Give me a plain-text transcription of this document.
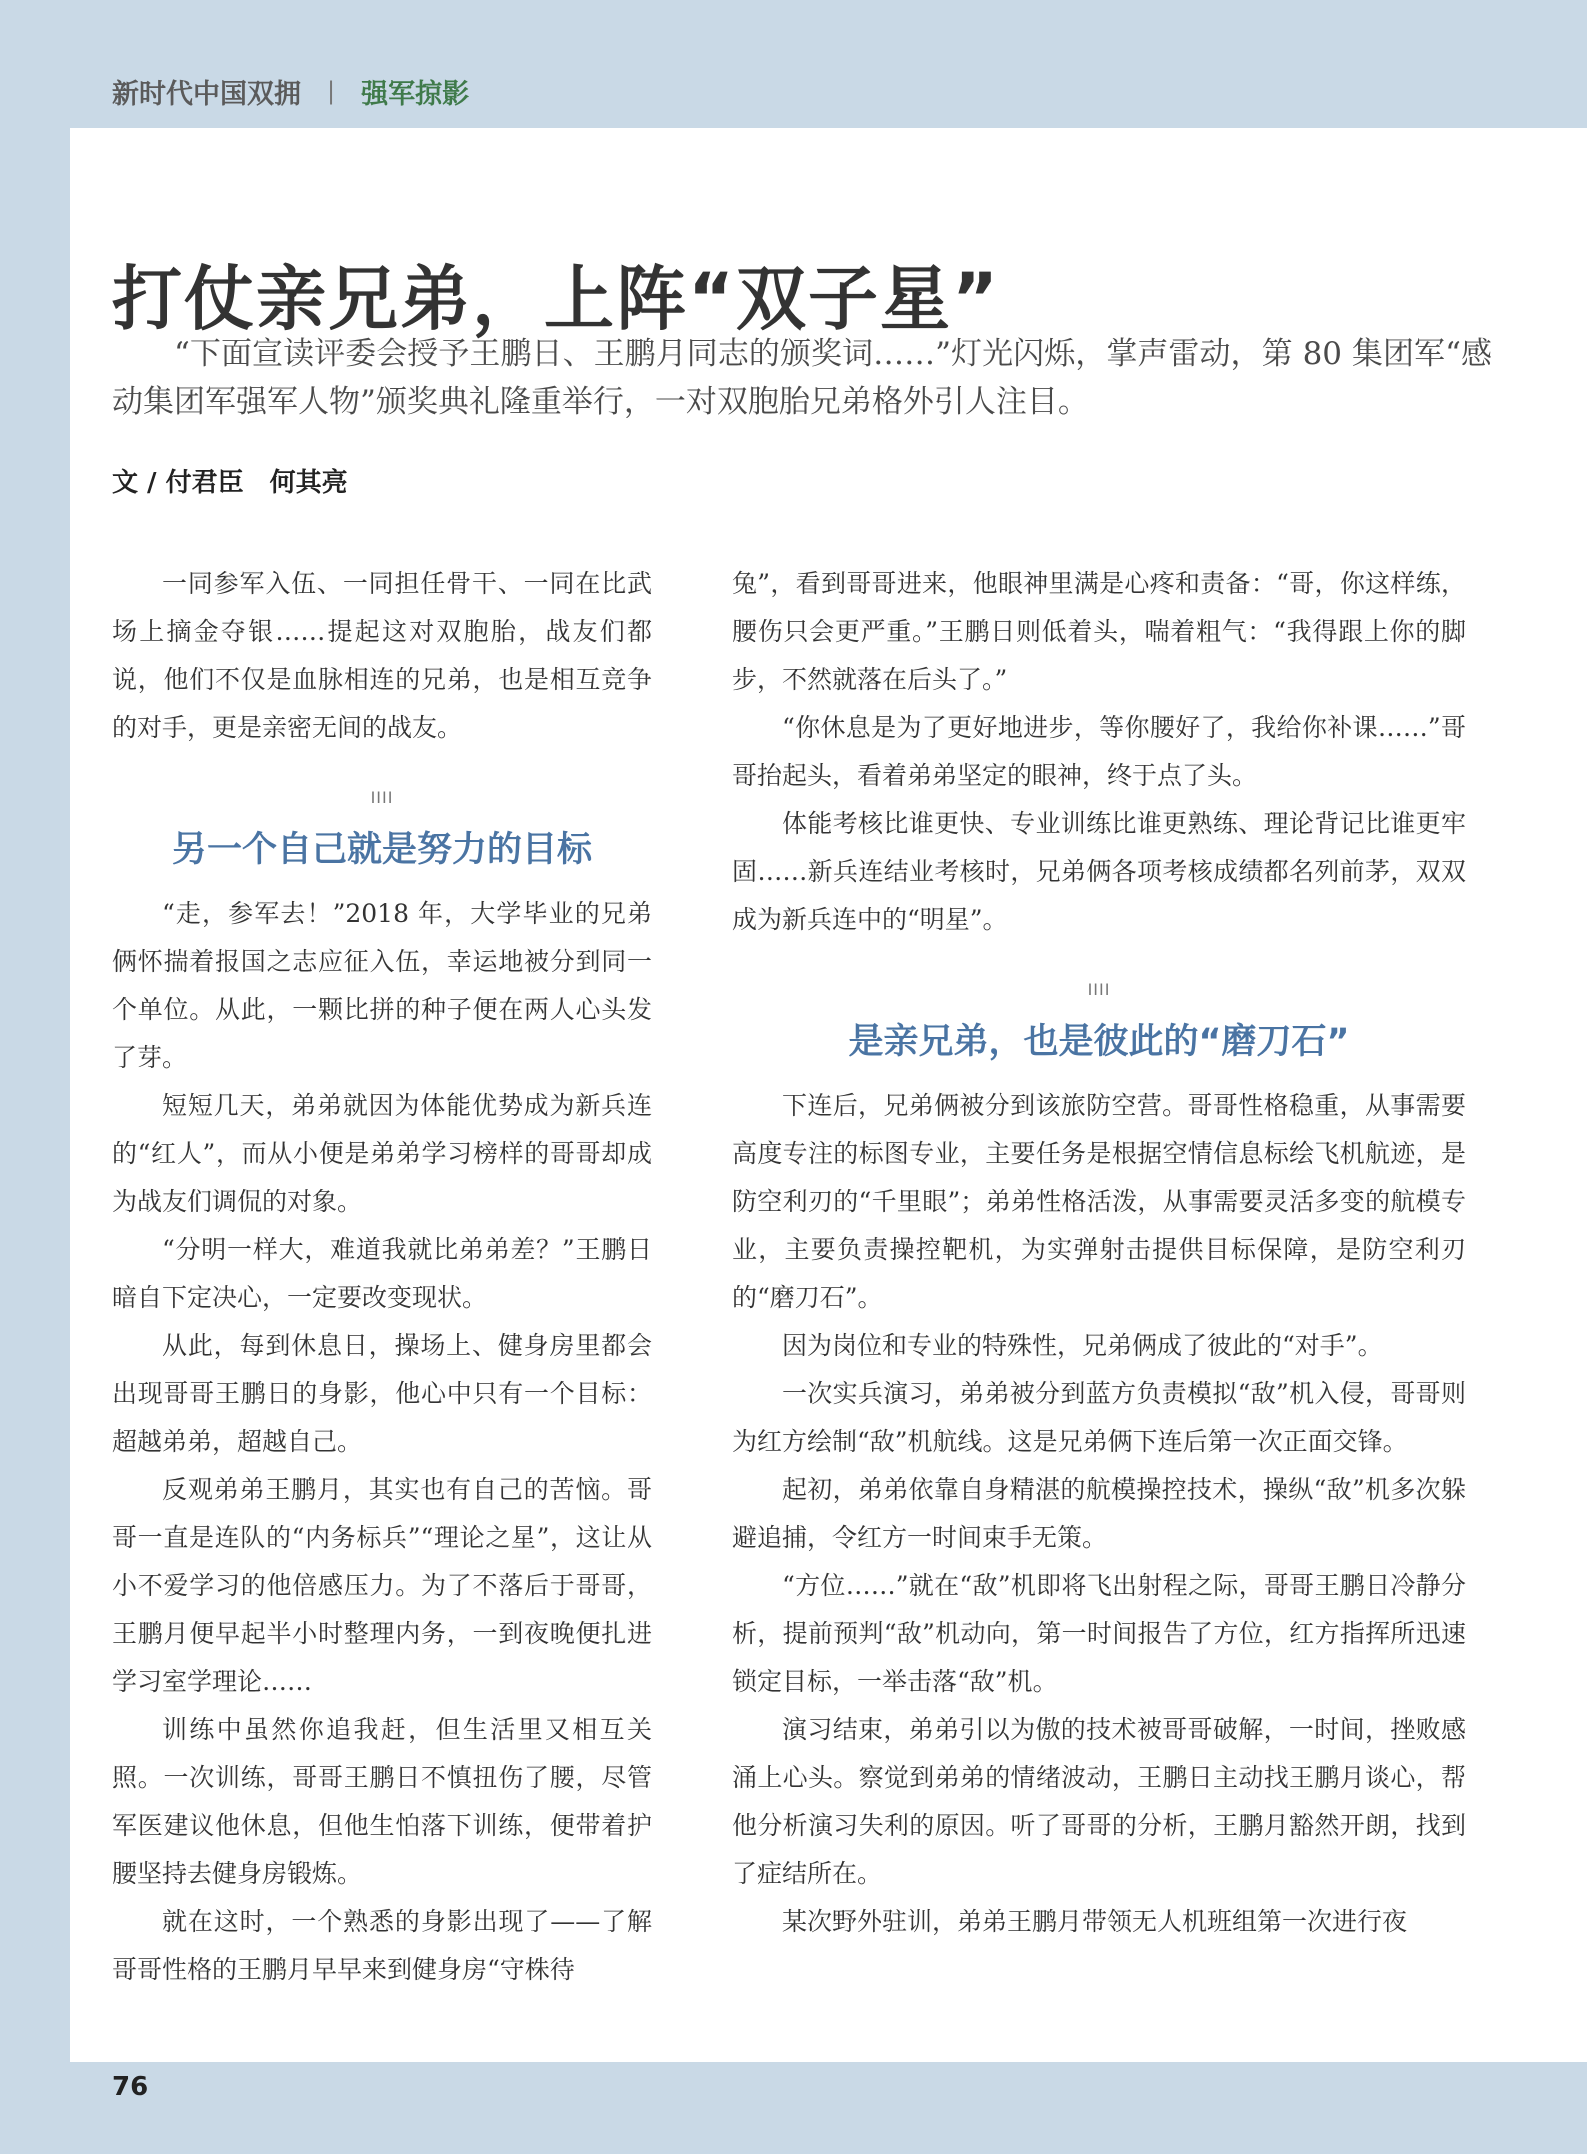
新时代中国双拥 | 强军掠影
打仗亲兄弟，上阵“双子星”
“下面宣读评委会授予王鹏日、王鹏月同志的颁奖词……”灯光闪烁，掌声雷动，第 80 集团军“感动集团军强军人物”颁奖典礼隆重举行，一对双胞胎兄弟格外引人注目。
文 / 付君臣　何其亮

一同参军入伍、一同担任骨干、一同在比武场上摘金夺银……提起这对双胞胎，战友们都说，他们不仅是血脉相连的兄弟，也是相互竞争的对手，更是亲密无间的战友。

IIII
另一个自己就是努力的目标

“走，参军去！”2018 年，大学毕业的兄弟俩怀揣着报国之志应征入伍，幸运地被分到同一个单位。从此，一颗比拼的种子便在两人心头发了芽。

短短几天，弟弟就因为体能优势成为新兵连的“红人”，而从小便是弟弟学习榜样的哥哥却成为战友们调侃的对象。

“分明一样大，难道我就比弟弟差？”王鹏日暗自下定决心，一定要改变现状。

从此，每到休息日，操场上、健身房里都会出现哥哥王鹏日的身影，他心中只有一个目标：超越弟弟，超越自己。

反观弟弟王鹏月，其实也有自己的苦恼。哥哥一直是连队的“内务标兵”“理论之星”，这让从小不爱学习的他倍感压力。为了不落后于哥哥，王鹏月便早起半小时整理内务，一到夜晚便扎进学习室学理论……

训练中虽然你追我赶，但生活里又相互关照。一次训练，哥哥王鹏日不慎扭伤了腰，尽管军医建议他休息，但他生怕落下训练，便带着护腰坚持去健身房锻炼。

就在这时，一个熟悉的身影出现了——了解哥哥性格的王鹏月早早来到健身房“守株待

兔”，看到哥哥进来，他眼神里满是心疼和责备：“哥，你这样练，腰伤只会更严重。”王鹏日则低着头，喘着粗气：“我得跟上你的脚步，不然就落在后头了。”

“你休息是为了更好地进步，等你腰好了，我给你补课……”哥哥抬起头，看着弟弟坚定的眼神，终于点了头。

体能考核比谁更快、专业训练比谁更熟练、理论背记比谁更牢固……新兵连结业考核时，兄弟俩各项考核成绩都名列前茅，双双成为新兵连中的“明星”。

IIII
是亲兄弟，也是彼此的“磨刀石”

下连后，兄弟俩被分到该旅防空营。哥哥性格稳重，从事需要高度专注的标图专业，主要任务是根据空情信息标绘飞机航迹，是防空利刃的“千里眼”；弟弟性格活泼，从事需要灵活多变的航模专业，主要负责操控靶机，为实弹射击提供目标保障，是防空利刃的“磨刀石”。

因为岗位和专业的特殊性，兄弟俩成了彼此的“对手”。

一次实兵演习，弟弟被分到蓝方负责模拟“敌”机入侵，哥哥则为红方绘制“敌”机航线。这是兄弟俩下连后第一次正面交锋。

起初，弟弟依靠自身精湛的航模操控技术，操纵“敌”机多次躲避追捕，令红方一时间束手无策。

“方位……”就在“敌”机即将飞出射程之际，哥哥王鹏日冷静分析，提前预判“敌”机动向，第一时间报告了方位，红方指挥所迅速锁定目标，一举击落“敌”机。

演习结束，弟弟引以为傲的技术被哥哥破解，一时间，挫败感涌上心头。察觉到弟弟的情绪波动，王鹏日主动找王鹏月谈心，帮他分析演习失利的原因。听了哥哥的分析，王鹏月豁然开朗，找到了症结所在。

某次野外驻训，弟弟王鹏月带领无人机班组第一次进行夜

76
